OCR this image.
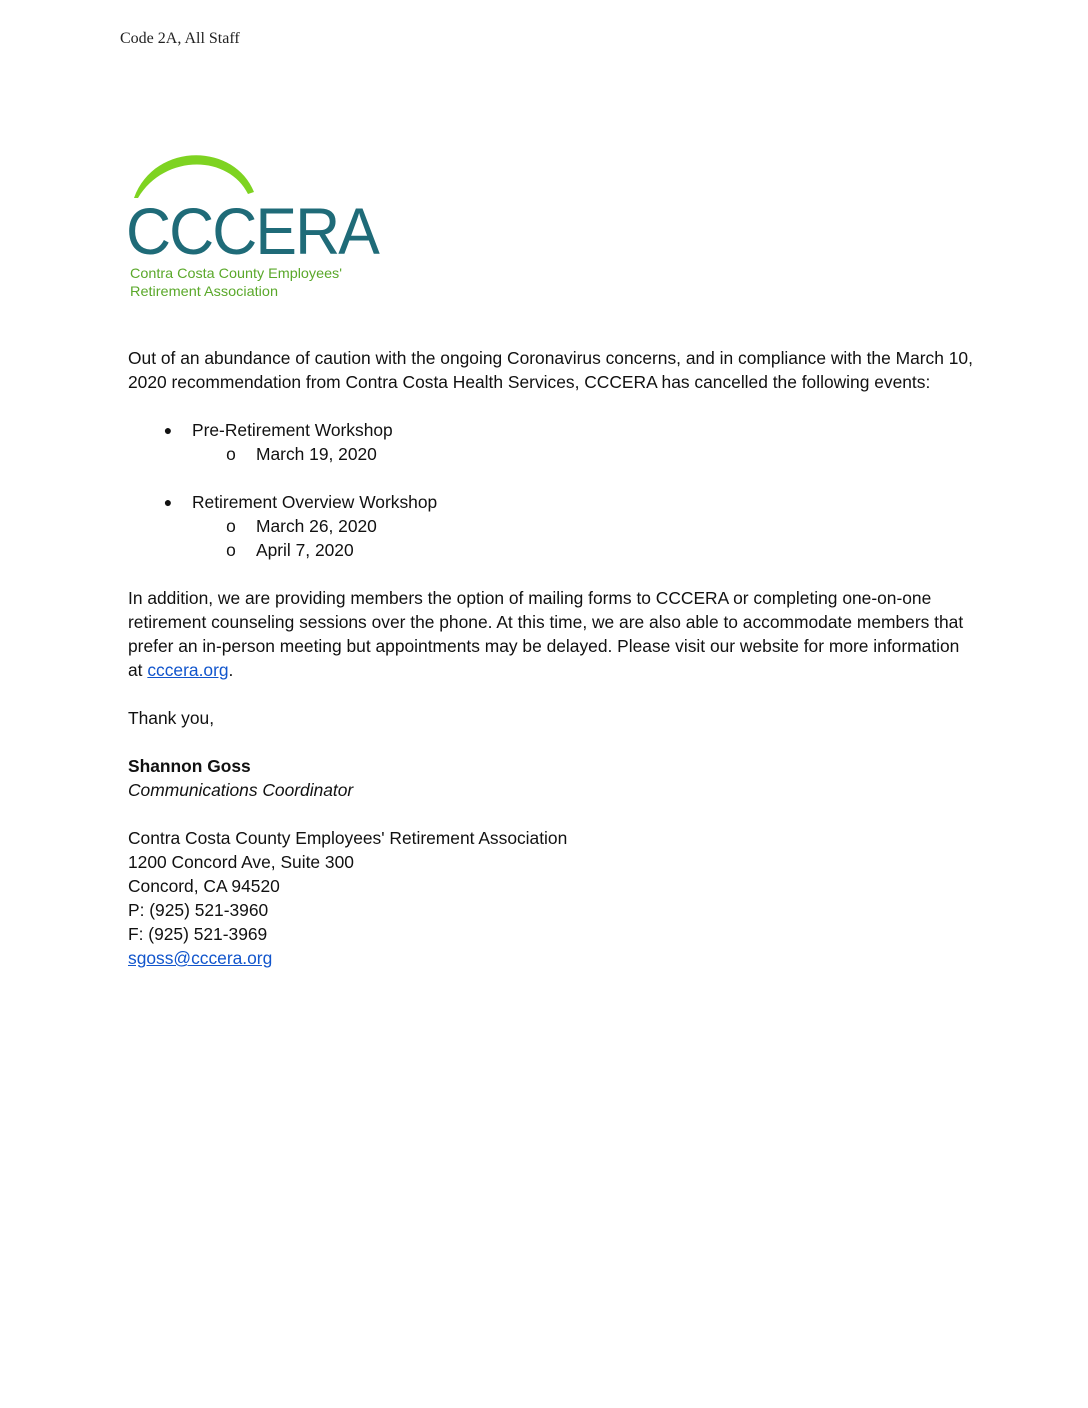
Code 2A, All Staff
CCCERA
Contra Costa County Employees'
Retirement Association

Out of an abundance of caution with the ongoing Coronavirus concerns, and in compliance with the March 10, 2020 recommendation from Contra Costa Health Services, CCCERA has cancelled the following events:

● Pre-Retirement Workshop
o March 19, 2020
● Retirement Overview Workshop
o March 26, 2020
o April 7, 2020

In addition, we are providing members the option of mailing forms to CCCERA or completing one-on-one retirement counseling sessions over the phone. At this time, we are also able to accommodate members that prefer an in-person meeting but appointments may be delayed. Please visit our website for more information at cccera.org.

Thank you,

Shannon Goss

Communications Coordinator

Contra Costa County Employees' Retirement Association

1200 Concord Ave, Suite 300

Concord, CA 94520

P: (925) 521-3960

F: (925) 521-3969

sgoss@cccera.org
